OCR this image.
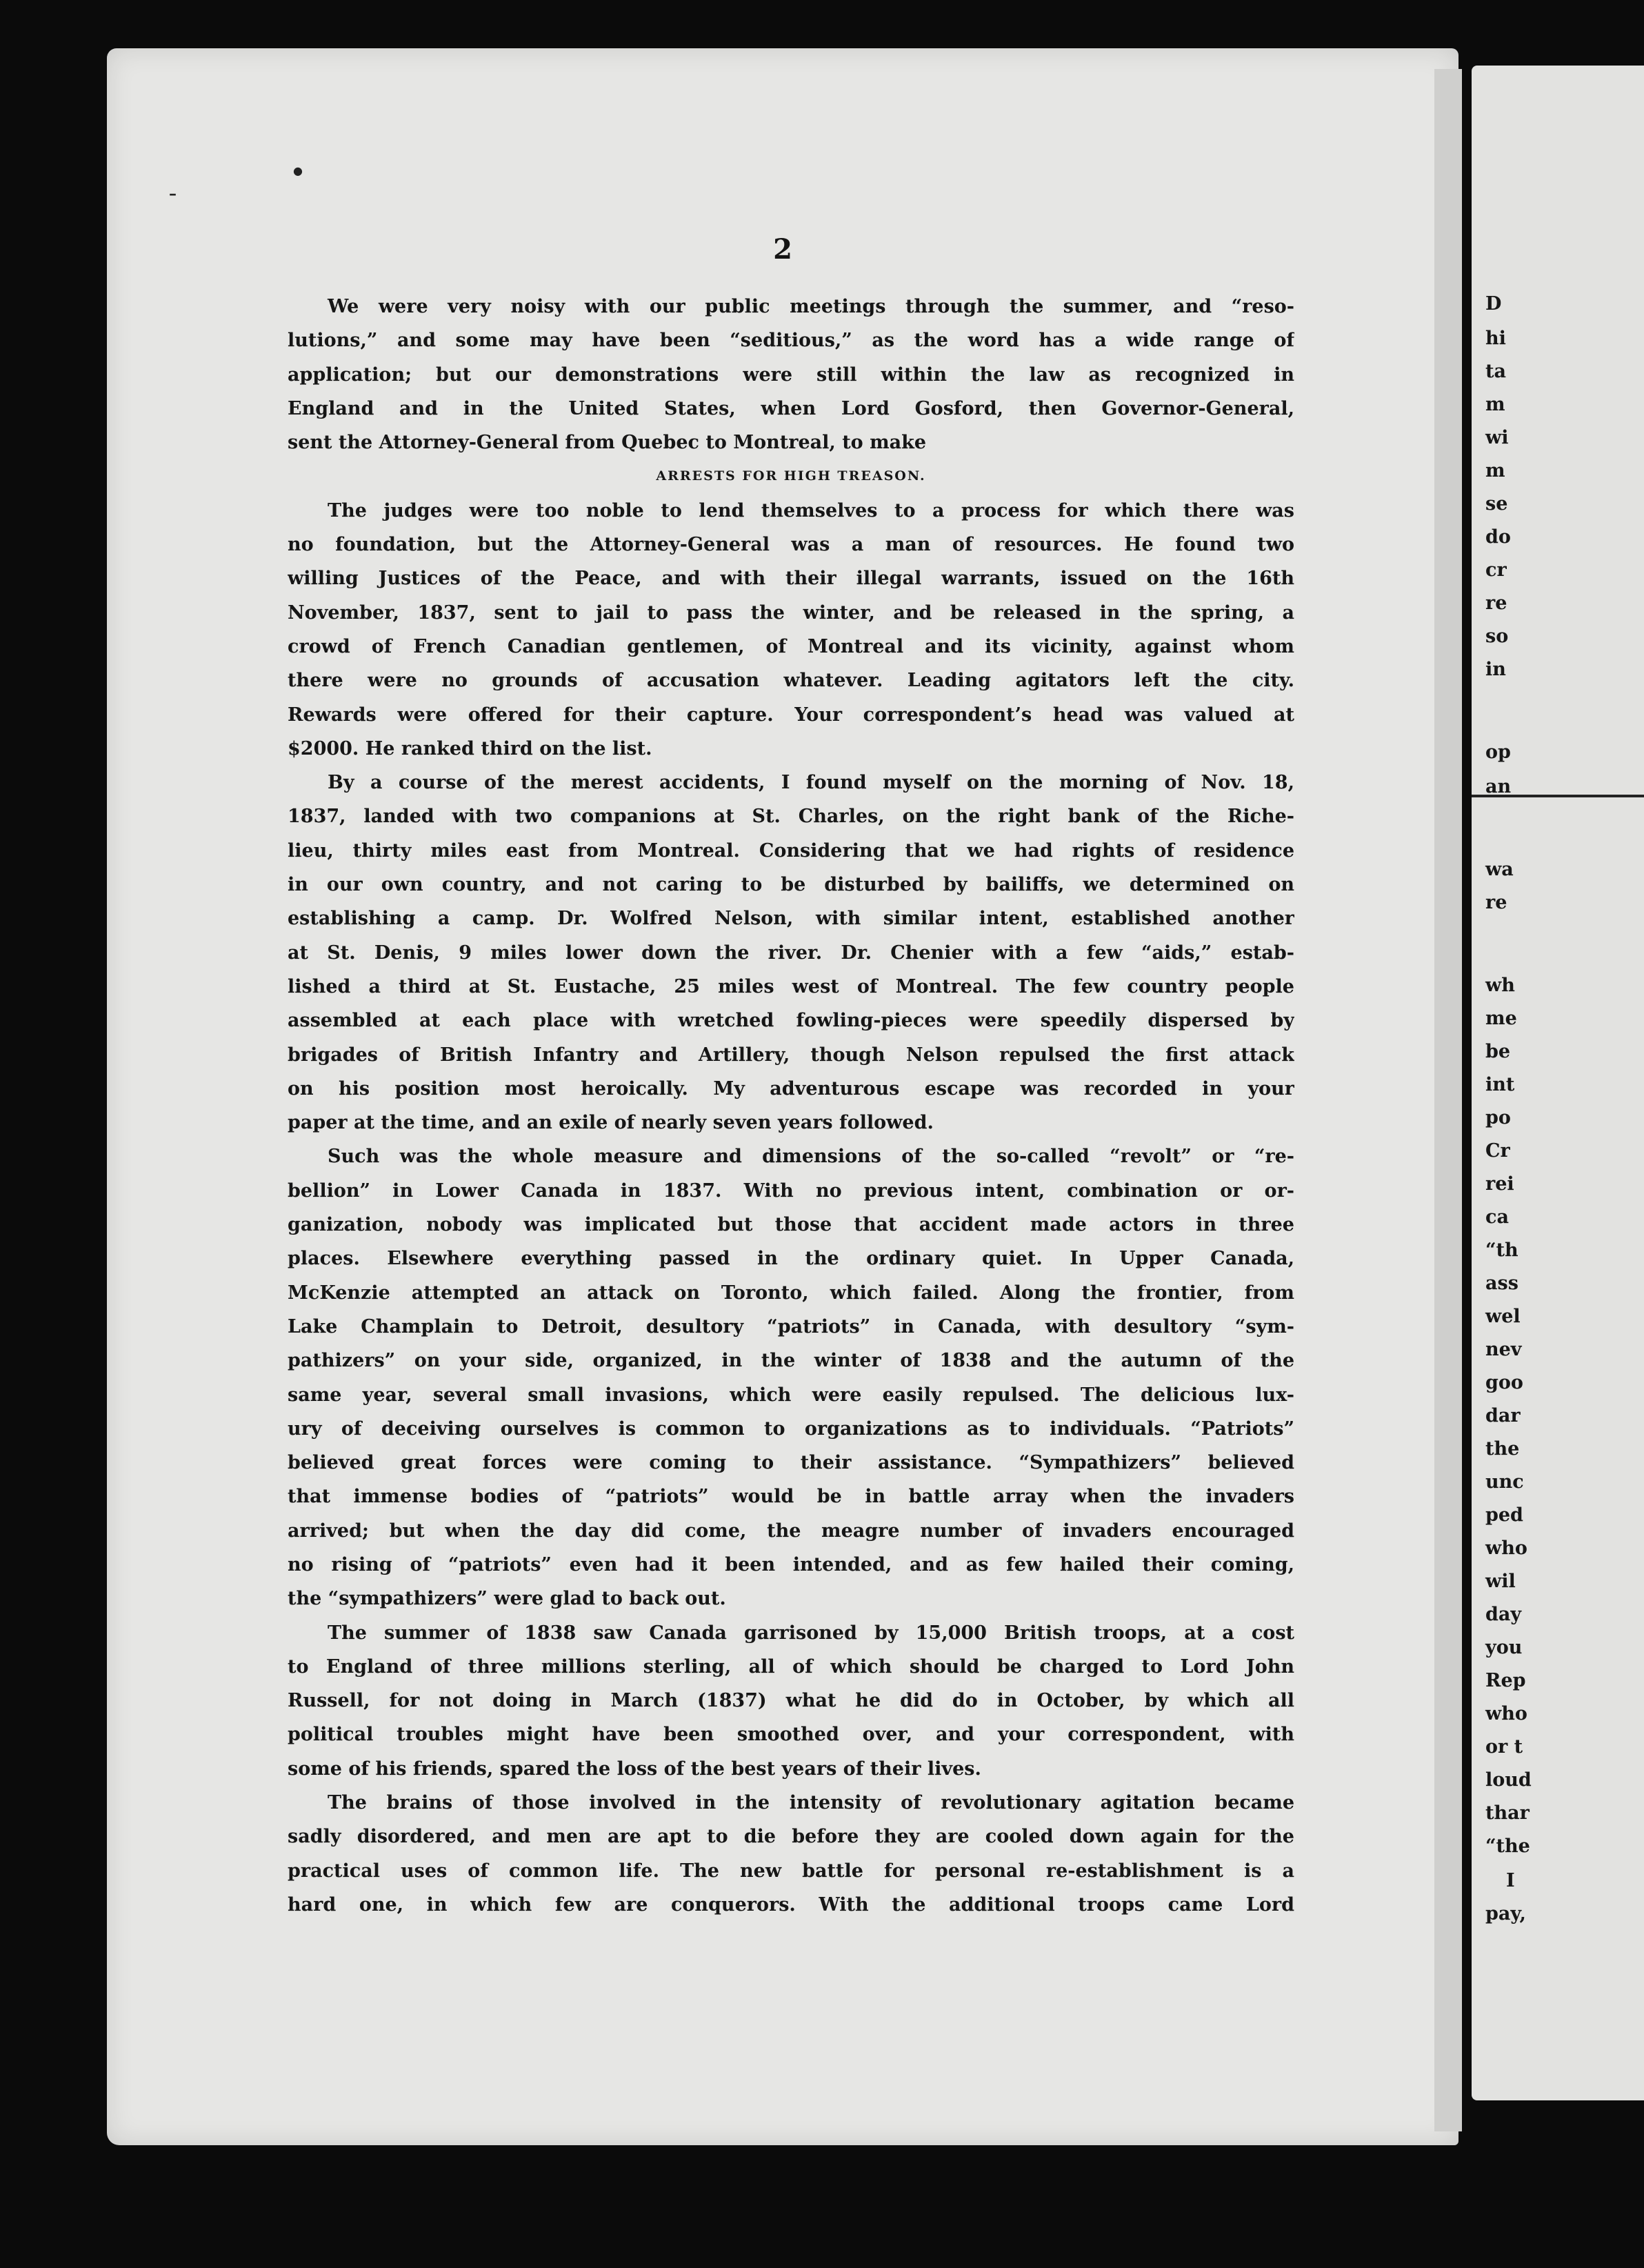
–
●
2
We were very noisy with our public meetings through the summer, and “reso-
lutions,” and some may have been “seditious,” as the word has a wide range of
application; but our demonstrations were still within the law as recognized in
England and in the United States, when Lord Gosford, then Governor-General,
sent the Attorney-General from Quebec to Montreal, to make
ARRESTS FOR HIGH TREASON.
The judges were too noble to lend themselves to a process for which there was
no foundation, but the Attorney-General was a man of resources. He found two
willing Justices of the Peace, and with their illegal warrants, issued on the 16th
November, 1837, sent to jail to pass the winter, and be released in the spring, a
crowd of French Canadian gentlemen, of Montreal and its vicinity, against whom
there were no grounds of accusation whatever. Leading agitators left the city.
Rewards were offered for their capture. Your correspondent’s head was valued at
$2000. He ranked third on the list.
By a course of the merest accidents, I found myself on the morning of Nov. 18,
1837, landed with two companions at St. Charles, on the right bank of the Riche-
lieu, thirty miles east from Montreal. Considering that we had rights of residence
in our own country, and not caring to be disturbed by bailiffs, we determined on
establishing a camp. Dr. Wolfred Nelson, with similar intent, established another
at St. Denis, 9 miles lower down the river. Dr. Chenier with a few “aids,” estab-
lished a third at St. Eustache, 25 miles west of Montreal. The few country people
assembled at each place with wretched fowling-pieces were speedily dispersed by
brigades of British Infantry and Artillery, though Nelson repulsed the first attack
on his position most heroically. My adventurous escape was recorded in your
paper at the time, and an exile of nearly seven years followed.
Such was the whole measure and dimensions of the so-called “revolt” or “re-
bellion” in Lower Canada in 1837. With no previous intent, combination or or-
ganization, nobody was implicated but those that accident made actors in three
places. Elsewhere everything passed in the ordinary quiet. In Upper Canada,
McKenzie attempted an attack on Toronto, which failed. Along the frontier, from
Lake Champlain to Detroit, desultory “patriots” in Canada, with desultory “sym-
pathizers” on your side, organized, in the winter of 1838 and the autumn of the
same year, several small invasions, which were easily repulsed. The delicious lux-
ury of deceiving ourselves is common to organizations as to individuals. “Patriots”
believed great forces were coming to their assistance. “Sympathizers” believed
that immense bodies of “patriots” would be in battle array when the invaders
arrived; but when the day did come, the meagre number of invaders encouraged
no rising of “patriots” even had it been intended, and as few hailed their coming,
the “sympathizers” were glad to back out.
The summer of 1838 saw Canada garrisoned by 15,000 British troops, at a cost
to England of three millions sterling, all of which should be charged to Lord John
Russell, for not doing in March (1837) what he did do in October, by which all
political troubles might have been smoothed over, and your correspondent, with
some of his friends, spared the loss of the best years of their lives.
The brains of those involved in the intensity of revolutionary agitation became
sadly disordered, and men are apt to die before they are cooled down again for the
practical uses of common life. The new battle for personal re-establishment is a
hard one, in which few are conquerors. With the additional troops came Lord
D
hi
ta
m
wi
m
se
do
cr
re
so
in
op
an
wa
re
wh
me
be
int
po
Cr
rei
ca
“th
ass
wel
nev
goo
dar
the
unc
ped
who
wil
day
you
Rep
who
or t
loud
thar
“the
I
pay,
